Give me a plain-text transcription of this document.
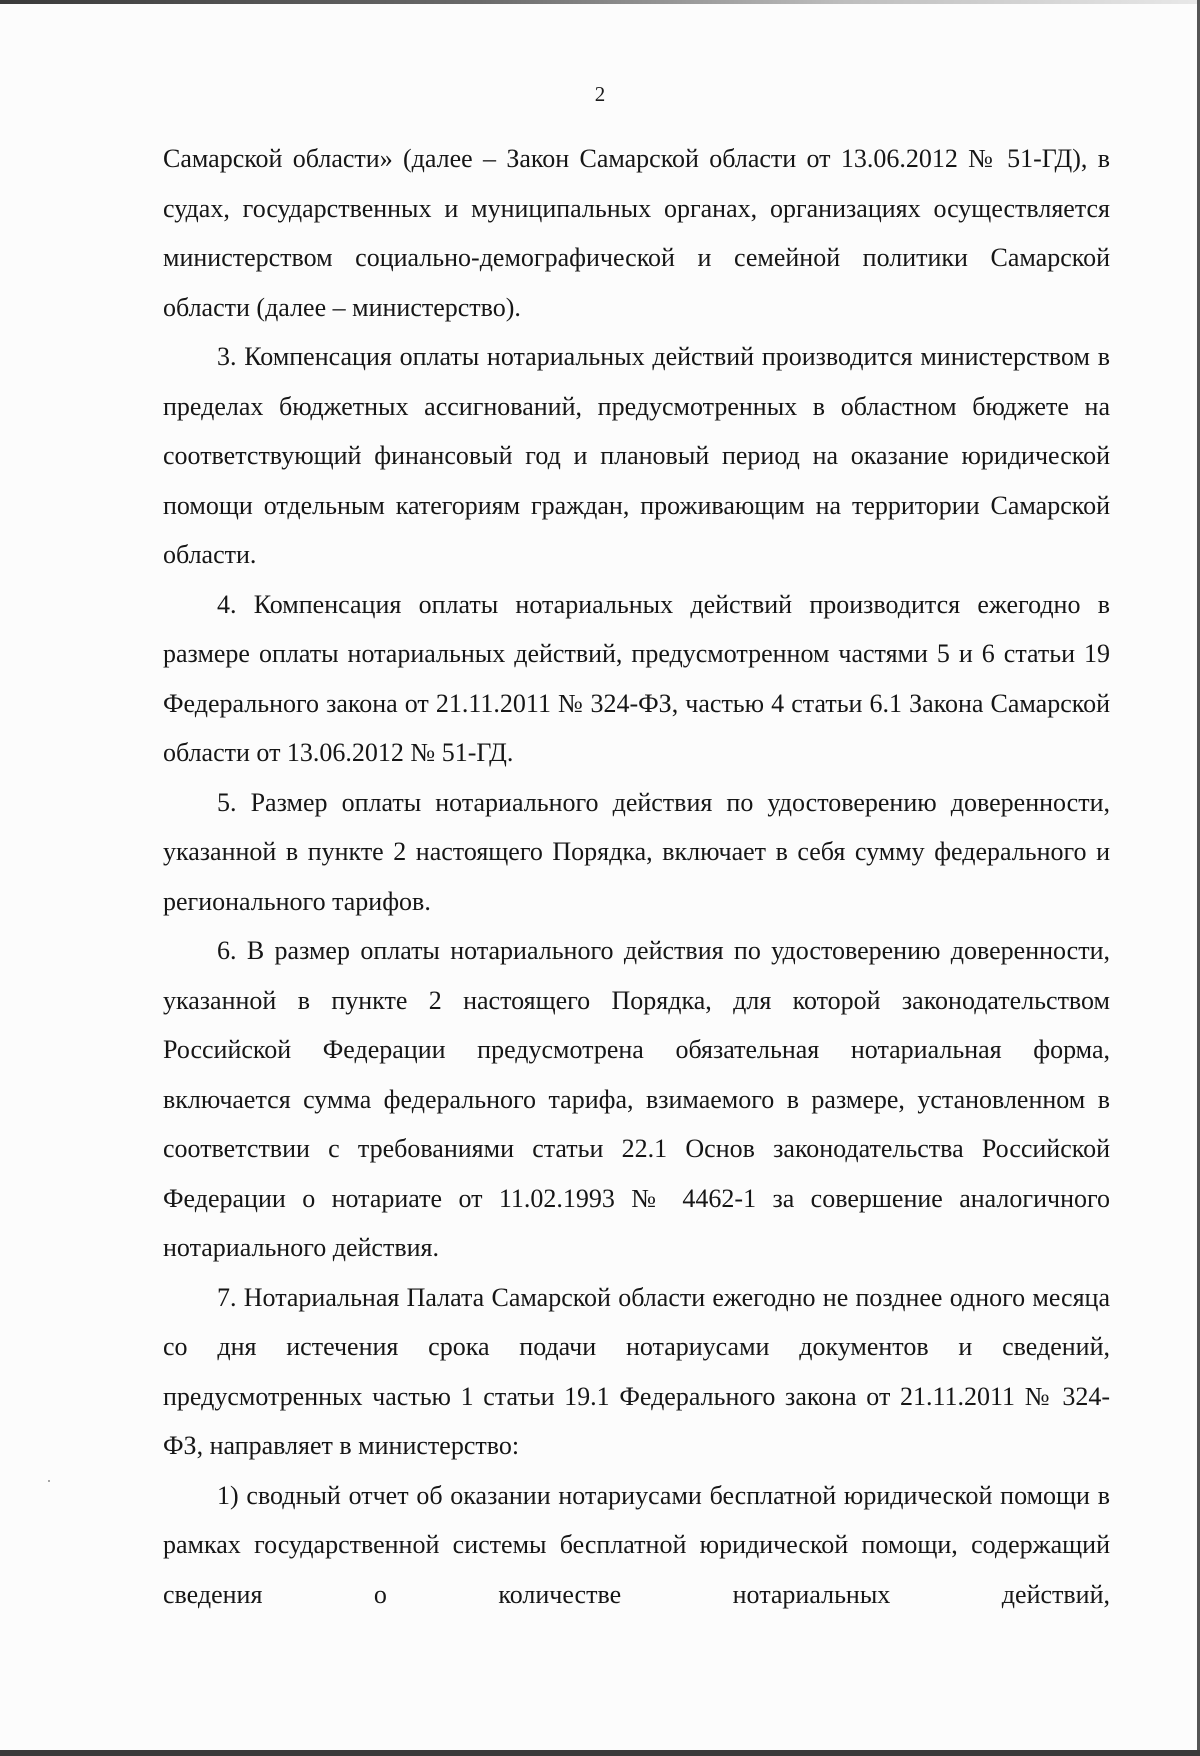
2

Самарской области» (далее – Закон Самарской области от 13.06.2012 № 51-ГД), в судах, государственных и муниципальных органах, организациях осуществляется министерством социально-демографической и семейной политики Самарской области (далее – министерство).

3. Компенсация оплаты нотариальных действий производится министерством в пределах бюджетных ассигнований, предусмотренных в областном бюджете на соответствующий финансовый год и плановый период на оказание юридической помощи отдельным категориям граждан, проживающим на территории Самарской области.

4. Компенсация оплаты нотариальных действий производится ежегодно в размере оплаты нотариальных действий, предусмотренном частями 5 и 6 статьи 19 Федерального закона от 21.11.2011 № 324-ФЗ, частью 4 статьи 6.1 Закона Самарской области от 13.06.2012 № 51-ГД.

5. Размер оплаты нотариального действия по удостоверению доверенности, указанной в пункте 2 настоящего Порядка, включает в себя сумму федерального и регионального тарифов.

6. В размер оплаты нотариального действия по удостоверению доверенности, указанной в пункте 2 настоящего Порядка, для которой законодательством Российской Федерации предусмотрена обязательная нотариальная форма, включается сумма федерального тарифа, взимаемого в размере, установленном в соответствии с требованиями статьи 22.1 Основ законодательства Российской Федерации о нотариате от 11.02.1993 № 4462-1 за совершение аналогичного нотариального действия.

7. Нотариальная Палата Самарской области ежегодно не позднее одного месяца со дня истечения срока подачи нотариусами документов и сведений, предусмотренных частью 1 статьи 19.1 Федерального закона от 21.11.2011 № 324-ФЗ, направляет в министерство:

1) сводный отчет об оказании нотариусами бесплатной юридической помощи в рамках государственной системы бесплатной юридической помощи, содержащий сведения о количестве нотариальных действий,
